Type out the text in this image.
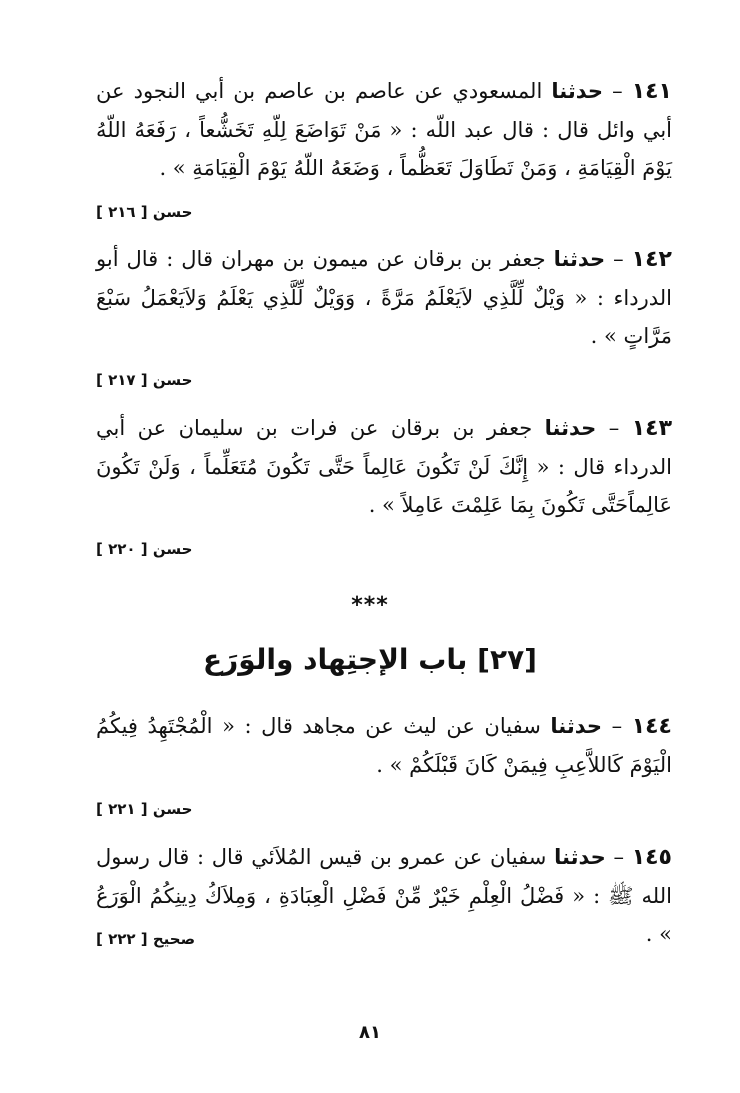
١٤١ – حدثنا المسعودي عن عاصم بن عاصم بن أبي النجود عن أبي وائل قال : قال عبد اللّه : « مَنْ تَوَاضَعَ لِلّهِ تَخَشُّعاً ، رَفَعَهُ اللّهُ يَوْمَ الْقِيَامَةِ ، وَمَنْ تَطَاوَلَ تَعَظُّماً ، وَضَعَهُ اللّهُ يَوْمَ الْقِيَامَةِ » .
حسن [ ٢١٦ ]
١٤٢ – حدثنا جعفر بن برقان عن ميمون بن مهران قال : قال أبو الدرداء : « وَيْلٌ لِّلَّذِي لاَيَعْلَمُ مَرَّةً ، وَوَيْلٌ لِّلَّذِي يَعْلَمُ وَلاَيَعْمَلُ سَبْعَ مَرَّاتٍ » .
حسن [ ٢١٧ ]
١٤٣ – حدثنا جعفر بن برقان عن فرات بن سليمان عن أبي الدرداء قال : « إِنَّكَ لَنْ تَكُونَ عَالِماً حَتَّى تَكُونَ مُتَعَلِّماً ، وَلَنْ تَكُونَ عَالِماًحَتَّى تَكُونَ بِمَا عَلِمْتَ عَامِلاً » .
حسن [ ٢٢٠ ]
***
[٢٧] باب الإجتِهاد والوَرَع
١٤٤ – حدثنا سفيان عن ليث عن مجاهد قال : « الْمُجْتَهِدُ فِيكُمُ الْيَوْمَ كَاللاَّعِبِ فِيمَنْ كَانَ قَبْلَكُمْ » .
حسن [ ٢٢١ ]
١٤٥ – حدثنا سفيان عن عمرو بن قيس المُلاَئي قال : قال رسول الله ﷺ : « فَضْلُ الْعِلْمِ خَيْرٌ مِّنْ فَضْلِ الْعِبَادَةِ ، وَمِلاَكُ دِينِكُمُ الْوَرَعُ » .
صحيح [ ٢٢٢ ]
٨١
